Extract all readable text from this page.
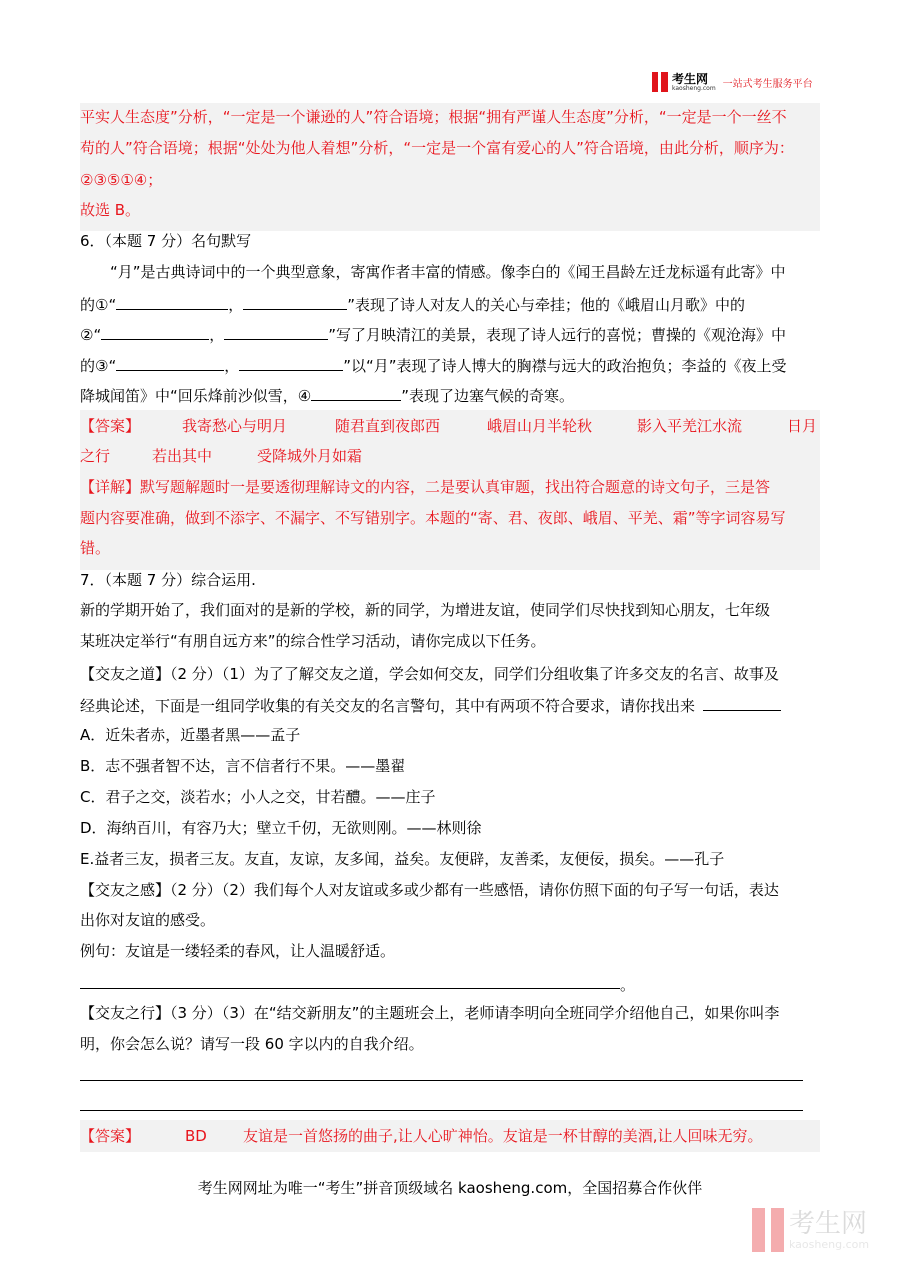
考生网
kaosheng.com 一站式考生服务平台
平实人生态度”分析，“一定是一个谦逊的人”符合语境；根据“拥有严谨人生态度”分析，“一定是一个一丝不
苟的人”符合语境；根据“处处为他人着想”分析，“一定是一个富有爱心的人”符合语境，由此分析，顺序为：
②③⑤①④；
故选 B。
6．（本题 7 分）名句默写
“月”是古典诗词中的一个典型意象，寄寓作者丰富的情感。像李白的《闻王昌龄左迁龙标遥有此寄》中
的①“	，	”表现了诗人对友人的关心与牵挂；他的《峨眉山月歌》中的
②“	，	”写了月映清江的美景，表现了诗人远行的喜悦；曹操的《观沧海》中
的③“	，	”以“月”表现了诗人博大的胸襟与远大的政治抱负；李益的《夜上受
降城闻笛》中“回乐烽前沙似雪，④	”表现了边塞气候的奇寒。
【答案】	我寄愁心与明月	随君直到夜郎西	峨眉山月半轮秋	影入平羌江水流	日月
之行	若出其中	受降城外月如霜
【详解】默写题解题时一是要透彻理解诗文的内容，二是要认真审题，找出符合题意的诗文句子，三是答
题内容要准确，做到不添字、不漏字、不写错别字。本题的“寄、君、夜郎、峨眉、平羌、霜”等字词容易写
错。
7．（本题 7 分）综合运用.
新的学期开始了，我们面对的是新的学校，新的同学，为增进友谊，使同学们尽快找到知心朋友，七年级
某班决定举行“有朋自远方来”的综合性学习活动，请你完成以下任务。
【交友之道】（2 分）（1）为了了解交友之道，学会如何交友，同学们分组收集了许多交友的名言、故事及
经典论述，下面是一组同学收集的有关交友的名言警句，其中有两项不符合要求，请你找出来
A．近朱者赤，近墨者黑——孟子
B．志不强者智不达，言不信者行不果。——墨翟
C．君子之交，淡若水；小人之交，甘若醴。——庄子
D．海纳百川，有容乃大；壁立千仞，无欲则刚。——林则徐
E.益者三友，损者三友。友直，友谅，友多闻，益矣。友便辟，友善柔，友便佞，损矣。——孔子
【交友之感】（2 分）（2）我们每个人对友谊或多或少都有一些感悟，请你仿照下面的句子写一句话，表达
出你对友谊的感受。
例句：友谊是一缕轻柔的春风，让人温暖舒适。
。
【交友之行】（3 分）（3）在“结交新朋友”的主题班会上，老师请李明向全班同学介绍他自己，如果你叫李
明，你会怎么说？请写一段 60 字以内的自我介绍。
【答案】	BD 友谊是一首悠扬的曲子,让人心旷神怡。友谊是一杯甘醇的美酒,让人回味无穷。
考生网网址为唯一“考生”拼音顶级域名 kaosheng.com，全国招募合作伙伴
考生网
kaosheng.com
